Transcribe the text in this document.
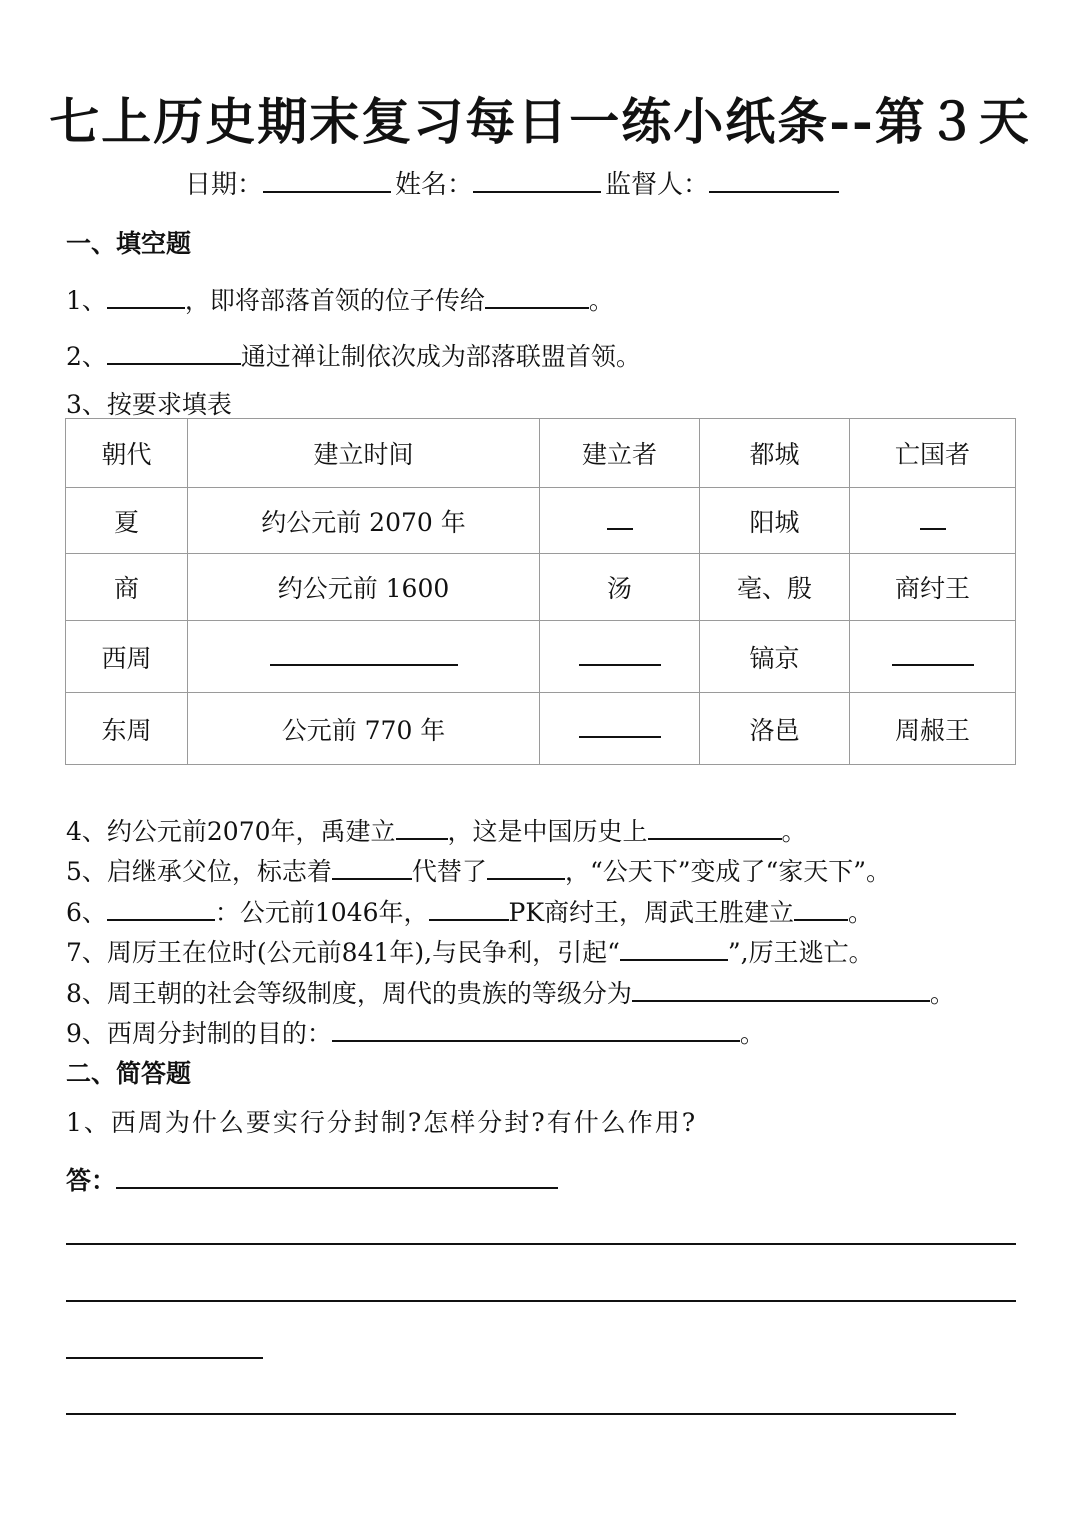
七上历史期末复习每日一练小纸条--第３天
日期：	姓名：	监督人：
一、填空题
1、	，即将部落首领的位子传给	。
2、	通过禅让制依次成为部落联盟首领。
3、按要求填表
朝代	建立时间	建立者	都城	亡国者
夏	约公元前 2070 年		阳城	
商	约公元前 1600	汤	亳、殷	商纣王
西周			镐京	
东周	公元前 770 年		洛邑	周赧王
4、约公元前2070年，禹建立 ，这是中国历史上	。
5、启继承父位，标志着	代替了	，“公天下”变成了“家天下”。
6、	：公元前1046年，	PK商纣王，周武王胜建立 。
7、周厉王在位时(公元前841年),与民争利，引起“	”,厉王逃亡。
8、周王朝的社会等级制度，周代的贵族的等级分为	。
9、西周分封制的目的：	。
二、简答题
1、西周为什么要实行分封制?怎样分封?有什么作用?
答：
